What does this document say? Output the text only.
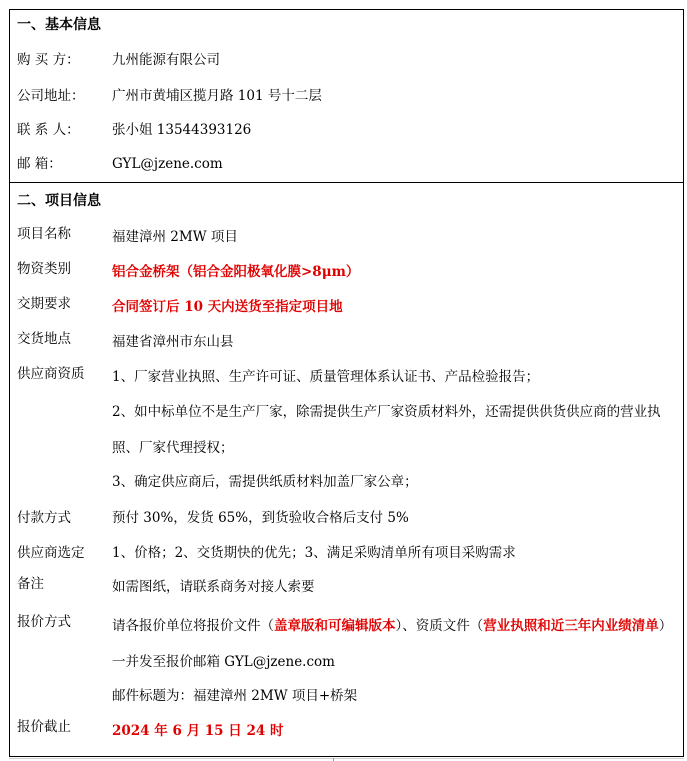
一、基本信息
购 买 方： 九州能源有限公司
公司地址： 广州市黄埔区揽月路 101 号十二层
联 系 人： 张小姐 13544393126
邮 箱：	GYL@jzene.com
二、项目信息
项目名称	福建漳州 2MW 项目
物资类别	铝合金桥架（铝合金阳极氧化膜>8μm）
交期要求	合同签订后 10 天内送货至指定项目地
交货地点	福建省漳州市东山县
供应商资质 1、厂家营业执照、生产许可证、质量管理体系认证书、产品检验报告；
2、如中标单位不是生产厂家，除需提供生产厂家资质材料外，还需提供供货供应商的营业执照、厂家代理授权；
3、确定供应商后，需提供纸质材料加盖厂家公章；
付款方式	预付 30%，发货 65%，到货验收合格后支付 5%
供应商选定 1、价格；2、交货期快的优先；3、满足采购清单所有项目采购需求
备注	如需图纸，请联系商务对接人索要
报价方式	请各报价单位将报价文件（盖章版和可编辑版本）、资质文件（营业执照和近三年内业绩清单）一并发至报价邮箱 GYL@jzene.com
邮件标题为：福建漳州 2MW 项目+桥架
报价截止	2024 年 6 月 15 日 24 时
